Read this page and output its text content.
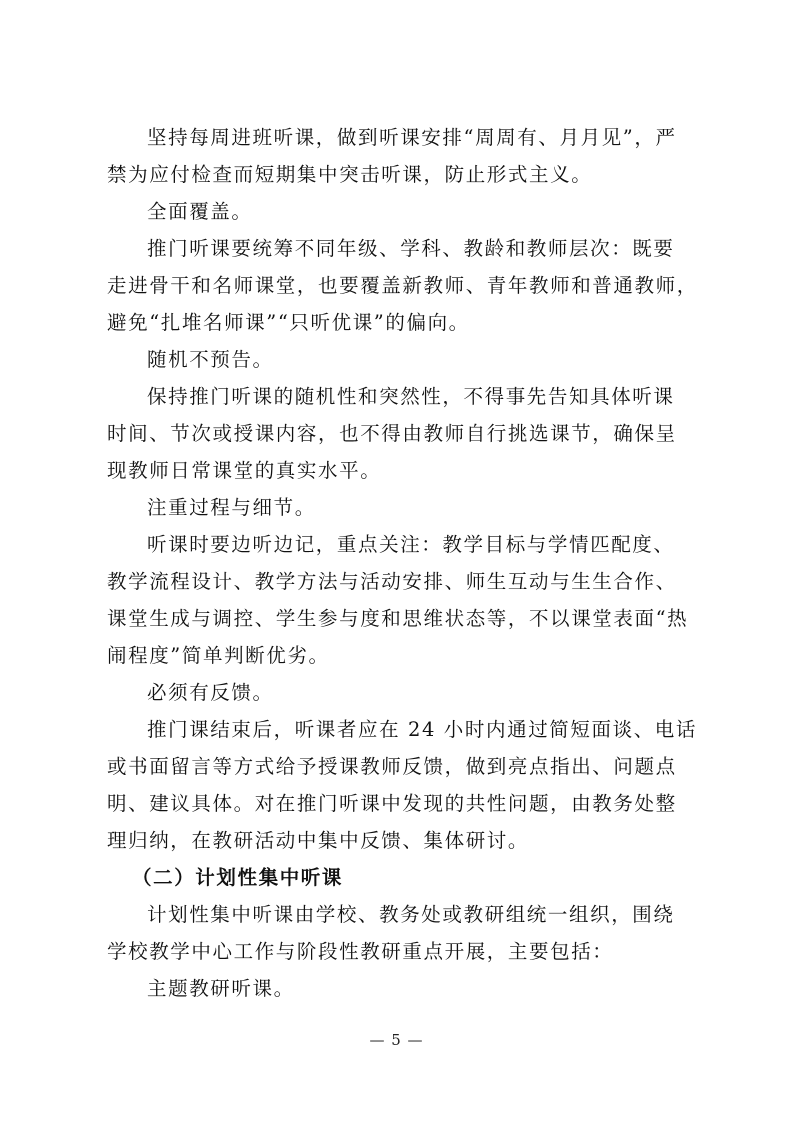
坚持每周进班听课，做到听课安排“周周有、月月见”，严
禁为应付检查而短期集中突击听课，防止形式主义。
全面覆盖。
推门听课要统筹不同年级、学科、教龄和教师层次：既要
走进骨干和名师课堂，也要覆盖新教师、青年教师和普通教师，
避免“扎堆名师课”“只听优课”的偏向。
随机不预告。
保持推门听课的随机性和突然性，不得事先告知具体听课
时间、节次或授课内容，也不得由教师自行挑选课节，确保呈
现教师日常课堂的真实水平。
注重过程与细节。
听课时要边听边记，重点关注：教学目标与学情匹配度、
教学流程设计、教学方法与活动安排、师生互动与生生合作、
课堂生成与调控、学生参与度和思维状态等，不以课堂表面“热
闹程度”简单判断优劣。
必须有反馈。
推门课结束后，听课者应在 24 小时内通过简短面谈、电话
或书面留言等方式给予授课教师反馈，做到亮点指出、问题点
明、建议具体。对在推门听课中发现的共性问题，由教务处整
理归纳，在教研活动中集中反馈、集体研讨。
（二）计划性集中听课
计划性集中听课由学校、教务处或教研组统一组织，围绕
学校教学中心工作与阶段性教研重点开展，主要包括：
主题教研听课。
— 5 —
